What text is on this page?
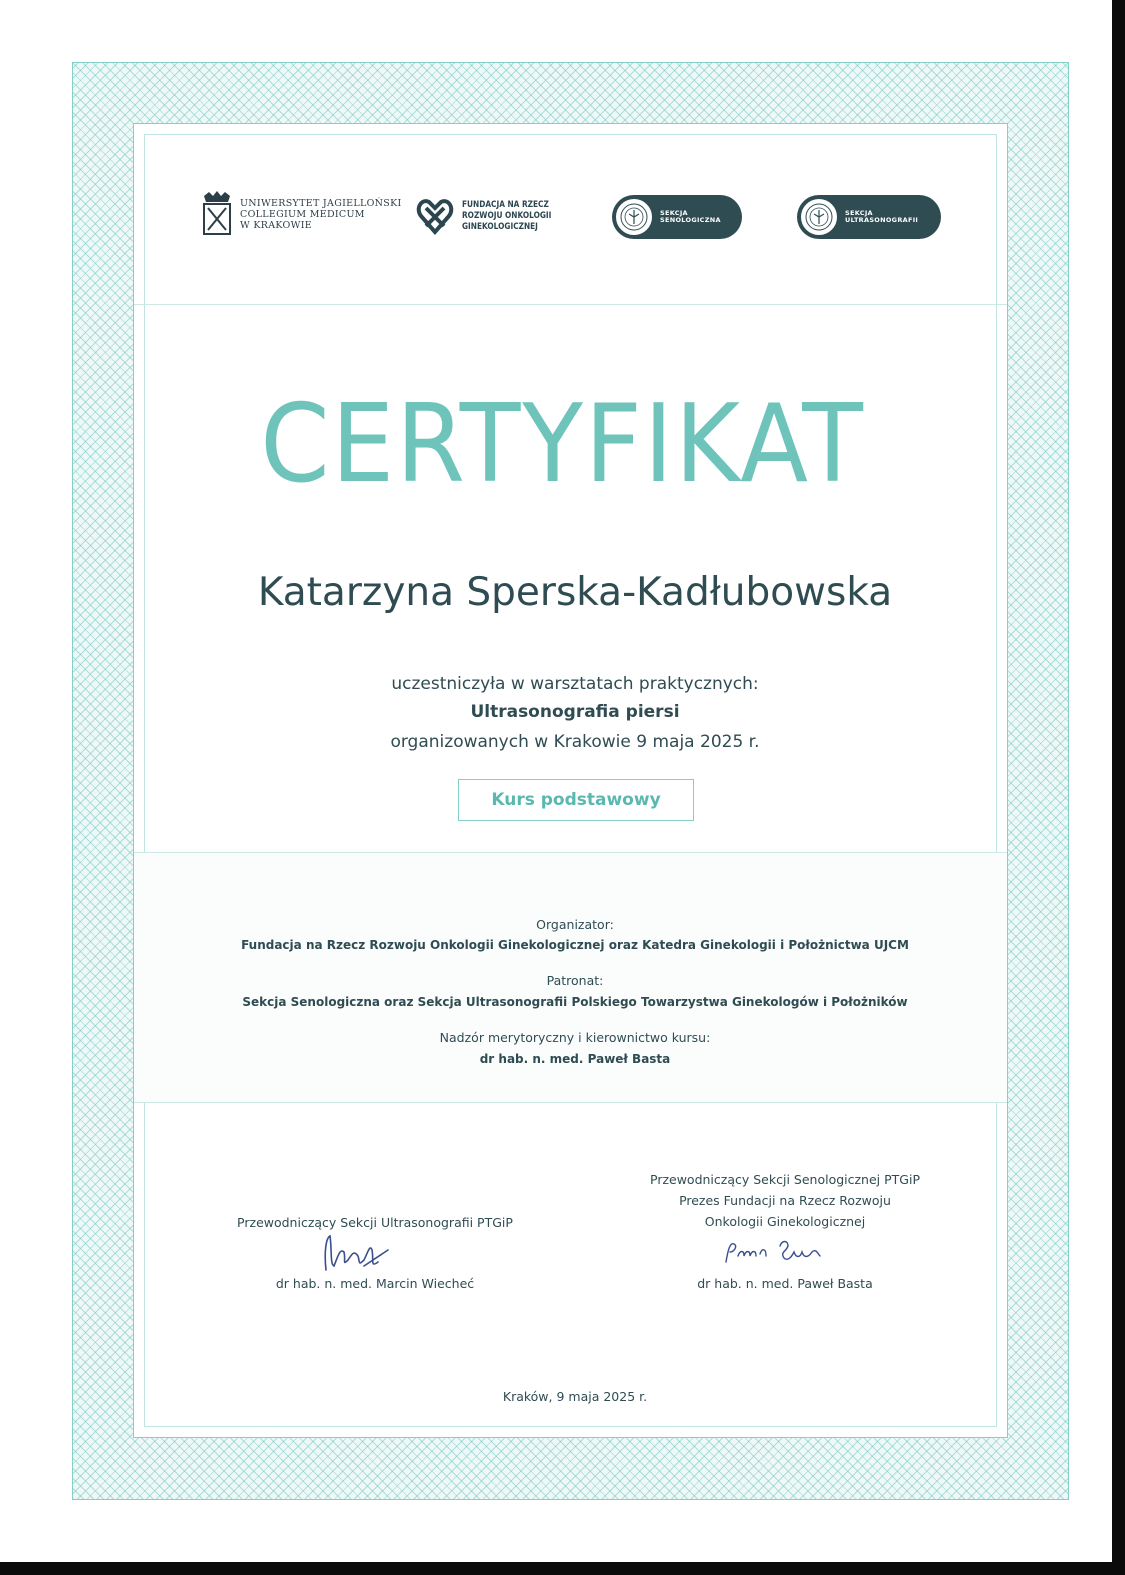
UNIWERSYTET JAGIELLOŃSKI
COLLEGIUM MEDICUM
W KRAKOWIE
FUNDACJA NA RZECZ
ROZWOJU ONKOLOGII
GINEKOLOGICZNEJ
SEKCJA
SENOLOGICZNA
SEKCJA
ULTRASONOGRAFII
CERTYFIKAT
Katarzyna Sperska-Kadłubowska
uczestniczyła w warsztatach praktycznych:
Ultrasonografia piersi
organizowanych w Krakowie 9 maja 2025 r.
Kurs podstawowy
Organizator:
Fundacja na Rzecz Rozwoju Onkologii Ginekologicznej oraz Katedra Ginekologii i Położnictwa UJCM
Patronat:
Sekcja Senologiczna oraz Sekcja Ultrasonografii Polskiego Towarzystwa Ginekologów i Położników
Nadzór merytoryczny i kierownictwo kursu:
dr hab. n. med. Paweł Basta
Przewodniczący Sekcji Ultrasonografii PTGiP
dr hab. n. med. Marcin Wiecheć
Przewodniczący Sekcji Senologicznej PTGiP
Prezes Fundacji na Rzecz Rozwoju
Onkologii Ginekologicznej
dr hab. n. med. Paweł Basta
Kraków, 9 maja 2025 r.
